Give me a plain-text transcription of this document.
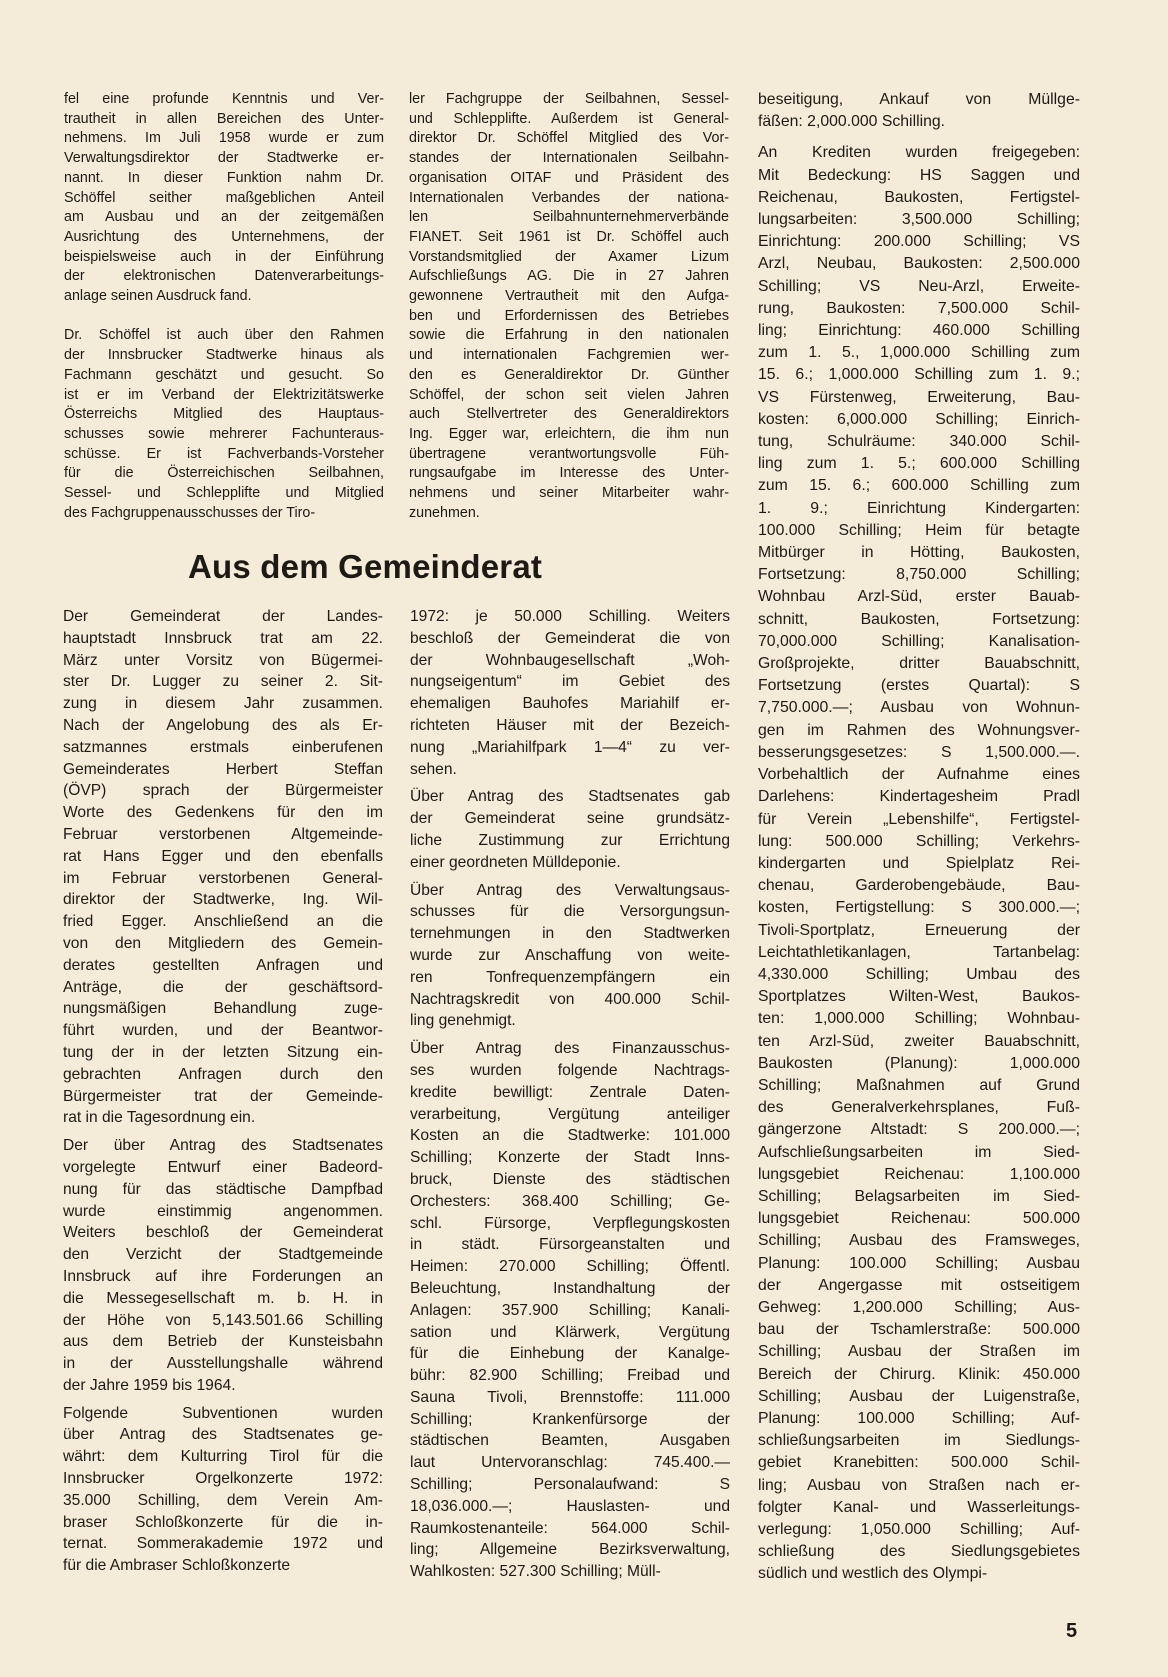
fel eine profunde Kenntnis und Ver-
trautheit in allen Bereichen des Unter-
nehmens. Im Juli 1958 wurde er zum
Verwaltungsdirektor der Stadtwerke er-
nannt. In dieser Funktion nahm Dr.
Schöffel seither maßgeblichen Anteil
am Ausbau und an der zeitgemäßen
Ausrichtung des Unternehmens, der
beispielsweise auch in der Einführung
der elektronischen Datenverarbeitungs-
anlage seinen Ausdruck fand.
Dr. Schöffel ist auch über den Rahmen
der Innsbrucker Stadtwerke hinaus als
Fachmann geschätzt und gesucht. So
ist er im Verband der Elektrizitätswerke
Österreichs Mitglied des Hauptaus-
schusses sowie mehrerer Fachunteraus-
schüsse. Er ist Fachverbands-Vorsteher
für die Österreichischen Seilbahnen,
Sessel- und Schlepplifte und Mitglied
des Fachgruppenausschusses der Tiro-
ler Fachgruppe der Seilbahnen, Sessel-
und Schlepplifte. Außerdem ist General-
direktor Dr. Schöffel Mitglied des Vor-
standes der Internationalen Seilbahn-
organisation OITAF und Präsident des
Internationalen Verbandes der nationa-
len Seilbahnunternehmerverbände
FIANET. Seit 1961 ist Dr. Schöffel auch
Vorstandsmitglied der Axamer Lizum
Aufschließungs AG. Die in 27 Jahren
gewonnene Vertrautheit mit den Aufga-
ben und Erfordernissen des Betriebes
sowie die Erfahrung in den nationalen
und internationalen Fachgremien wer-
den es Generaldirektor Dr. Günther
Schöffel, der schon seit vielen Jahren
auch Stellvertreter des Generaldirektors
Ing. Egger war, erleichtern, die ihm nun
übertragene verantwortungsvolle Füh-
rungsaufgabe im Interesse des Unter-
nehmens und seiner Mitarbeiter wahr-
zunehmen.
Aus dem Gemeinderat
Der Gemeinderat der Landes-
hauptstadt Innsbruck trat am 22.
März unter Vorsitz von Bügermei-
ster Dr. Lugger zu seiner 2. Sit-
zung in diesem Jahr zusammen.
Nach der Angelobung des als Er-
satzmannes erstmals einberufenen
Gemeinderates Herbert Steffan
(ÖVP) sprach der Bürgermeister
Worte des Gedenkens für den im
Februar verstorbenen Altgemeinde-
rat Hans Egger und den ebenfalls
im Februar verstorbenen General-
direktor der Stadtwerke, Ing. Wil-
fried Egger. Anschließend an die
von den Mitgliedern des Gemein-
derates gestellten Anfragen und
Anträge, die der geschäftsord-
nungsmäßigen Behandlung zuge-
führt wurden, und der Beantwor-
tung der in der letzten Sitzung ein-
gebrachten Anfragen durch den
Bürgermeister trat der Gemeinde-
rat in die Tagesordnung ein.
Der über Antrag des Stadtsenates
vorgelegte Entwurf einer Badeord-
nung für das städtische Dampfbad
wurde einstimmig angenommen.
Weiters beschloß der Gemeinderat
den Verzicht der Stadtgemeinde
Innsbruck auf ihre Forderungen an
die Messegesellschaft m. b. H. in
der Höhe von 5,143.501.66 Schilling
aus dem Betrieb der Kunsteisbahn
in der Ausstellungshalle während
der Jahre 1959 bis 1964.
Folgende Subventionen wurden
über Antrag des Stadtsenates ge-
währt: dem Kulturring Tirol für die
Innsbrucker Orgelkonzerte 1972:
35.000 Schilling, dem Verein Am-
braser Schloßkonzerte für die in-
ternat. Sommerakademie 1972 und
für die Ambraser Schloßkonzerte
1972: je 50.000 Schilling. Weiters
beschloß der Gemeinderat die von
der Wohnbaugesellschaft „Woh-
nungseigentum“ im Gebiet des
ehemaligen Bauhofes Mariahilf er-
richteten Häuser mit der Bezeich-
nung „Mariahilfpark 1—4“ zu ver-
sehen.
Über Antrag des Stadtsenates gab
der Gemeinderat seine grundsätz-
liche Zustimmung zur Errichtung
einer geordneten Mülldeponie.
Über Antrag des Verwaltungsaus-
schusses für die Versorgungsun-
ternehmungen in den Stadtwerken
wurde zur Anschaffung von weite-
ren Tonfrequenzempfängern ein
Nachtragskredit von 400.000 Schil-
ling genehmigt.
Über Antrag des Finanzausschus-
ses wurden folgende Nachtrags-
kredite bewilligt: Zentrale Daten-
verarbeitung, Vergütung anteiliger
Kosten an die Stadtwerke: 101.000
Schilling; Konzerte der Stadt Inns-
bruck, Dienste des städtischen
Orchesters: 368.400 Schilling; Ge-
schl. Fürsorge, Verpflegungskosten
in städt. Fürsorgeanstalten und
Heimen: 270.000 Schilling; Öffentl.
Beleuchtung, Instandhaltung der
Anlagen: 357.900 Schilling; Kanali-
sation und Klärwerk, Vergütung
für die Einhebung der Kanalge-
bühr: 82.900 Schilling; Freibad und
Sauna Tivoli, Brennstoffe: 111.000
Schilling; Krankenfürsorge der
städtischen Beamten, Ausgaben
laut Untervoranschlag: 745.400.—
Schilling; Personalaufwand: S
18,036.000.—; Hauslasten- und
Raumkostenanteile: 564.000 Schil-
ling; Allgemeine Bezirksverwaltung,
Wahlkosten: 527.300 Schilling; Müll-
beseitigung, Ankauf von Müllge-
fäßen: 2,000.000 Schilling.
An Krediten wurden freigegeben:
Mit Bedeckung: HS Saggen und
Reichenau, Baukosten, Fertigstel-
lungsarbeiten: 3,500.000 Schilling;
Einrichtung: 200.000 Schilling; VS
Arzl, Neubau, Baukosten: 2,500.000
Schilling; VS Neu-Arzl, Erweite-
rung, Baukosten: 7,500.000 Schil-
ling; Einrichtung: 460.000 Schilling
zum 1. 5., 1,000.000 Schilling zum
15. 6.; 1,000.000 Schilling zum 1. 9.;
VS Fürstenweg, Erweiterung, Bau-
kosten: 6,000.000 Schilling; Einrich-
tung, Schulräume: 340.000 Schil-
ling zum 1. 5.; 600.000 Schilling
zum 15. 6.; 600.000 Schilling zum
1. 9.; Einrichtung Kindergarten:
100.000 Schilling; Heim für betagte
Mitbürger in Hötting, Baukosten,
Fortsetzung: 8,750.000 Schilling;
Wohnbau Arzl-Süd, erster Bauab-
schnitt, Baukosten, Fortsetzung:
70,000.000 Schilling; Kanalisation-
Großprojekte, dritter Bauabschnitt,
Fortsetzung (erstes Quartal): S
7,750.000.—; Ausbau von Wohnun-
gen im Rahmen des Wohnungsver-
besserungsgesetzes: S 1,500.000.—.
Vorbehaltlich der Aufnahme eines
Darlehens: Kindertagesheim Pradl
für Verein „Lebenshilfe“, Fertigstel-
lung: 500.000 Schilling; Verkehrs-
kindergarten und Spielplatz Rei-
chenau, Garderobengebäude, Bau-
kosten, Fertigstellung: S 300.000.—;
Tivoli-Sportplatz, Erneuerung der
Leichtathletikanlagen, Tartanbelag:
4,330.000 Schilling; Umbau des
Sportplatzes Wilten-West, Baukos-
ten: 1,000.000 Schilling; Wohnbau-
ten Arzl-Süd, zweiter Bauabschnitt,
Baukosten (Planung): 1,000.000
Schilling; Maßnahmen auf Grund
des Generalverkehrsplanes, Fuß-
gängerzone Altstadt: S 200.000.—;
Aufschließungsarbeiten im Sied-
lungsgebiet Reichenau: 1,100.000
Schilling; Belagsarbeiten im Sied-
lungsgebiet Reichenau: 500.000
Schilling; Ausbau des Framsweges,
Planung: 100.000 Schilling; Ausbau
der Angergasse mit ostseitigem
Gehweg: 1,200.000 Schilling; Aus-
bau der Tschamlerstraße: 500.000
Schilling; Ausbau der Straßen im
Bereich der Chirurg. Klinik: 450.000
Schilling; Ausbau der Luigenstraße,
Planung: 100.000 Schilling; Auf-
schließungsarbeiten im Siedlungs-
gebiet Kranebitten: 500.000 Schil-
ling; Ausbau von Straßen nach er-
folgter Kanal- und Wasserleitungs-
verlegung: 1,050.000 Schilling; Auf-
schließung des Siedlungsgebietes
südlich und westlich des Olympi-
5
